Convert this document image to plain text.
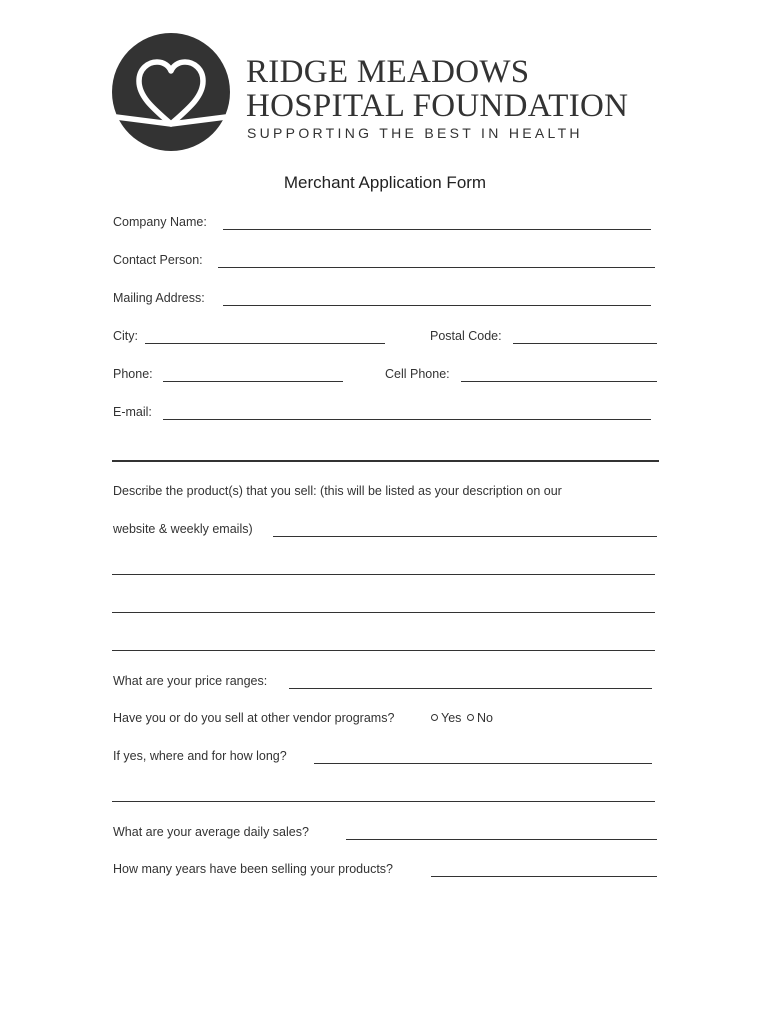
RIDGE MEADOWS
HOSPITAL FOUNDATION
SUPPORTING THE BEST IN HEALTH
Merchant Application Form
Company Name:
Contact Person:
Mailing Address:
City:	Postal Code:
Phone:	Cell Phone:
E-mail:
Describe the product(s) that you sell: (this will be listed as your description on our
website & weekly emails)
What are your price ranges:
Have you or do you sell at other vendor programs?	Yes	No
If yes, where and for how long?
What are your average daily sales?
How many years have been selling your products?
